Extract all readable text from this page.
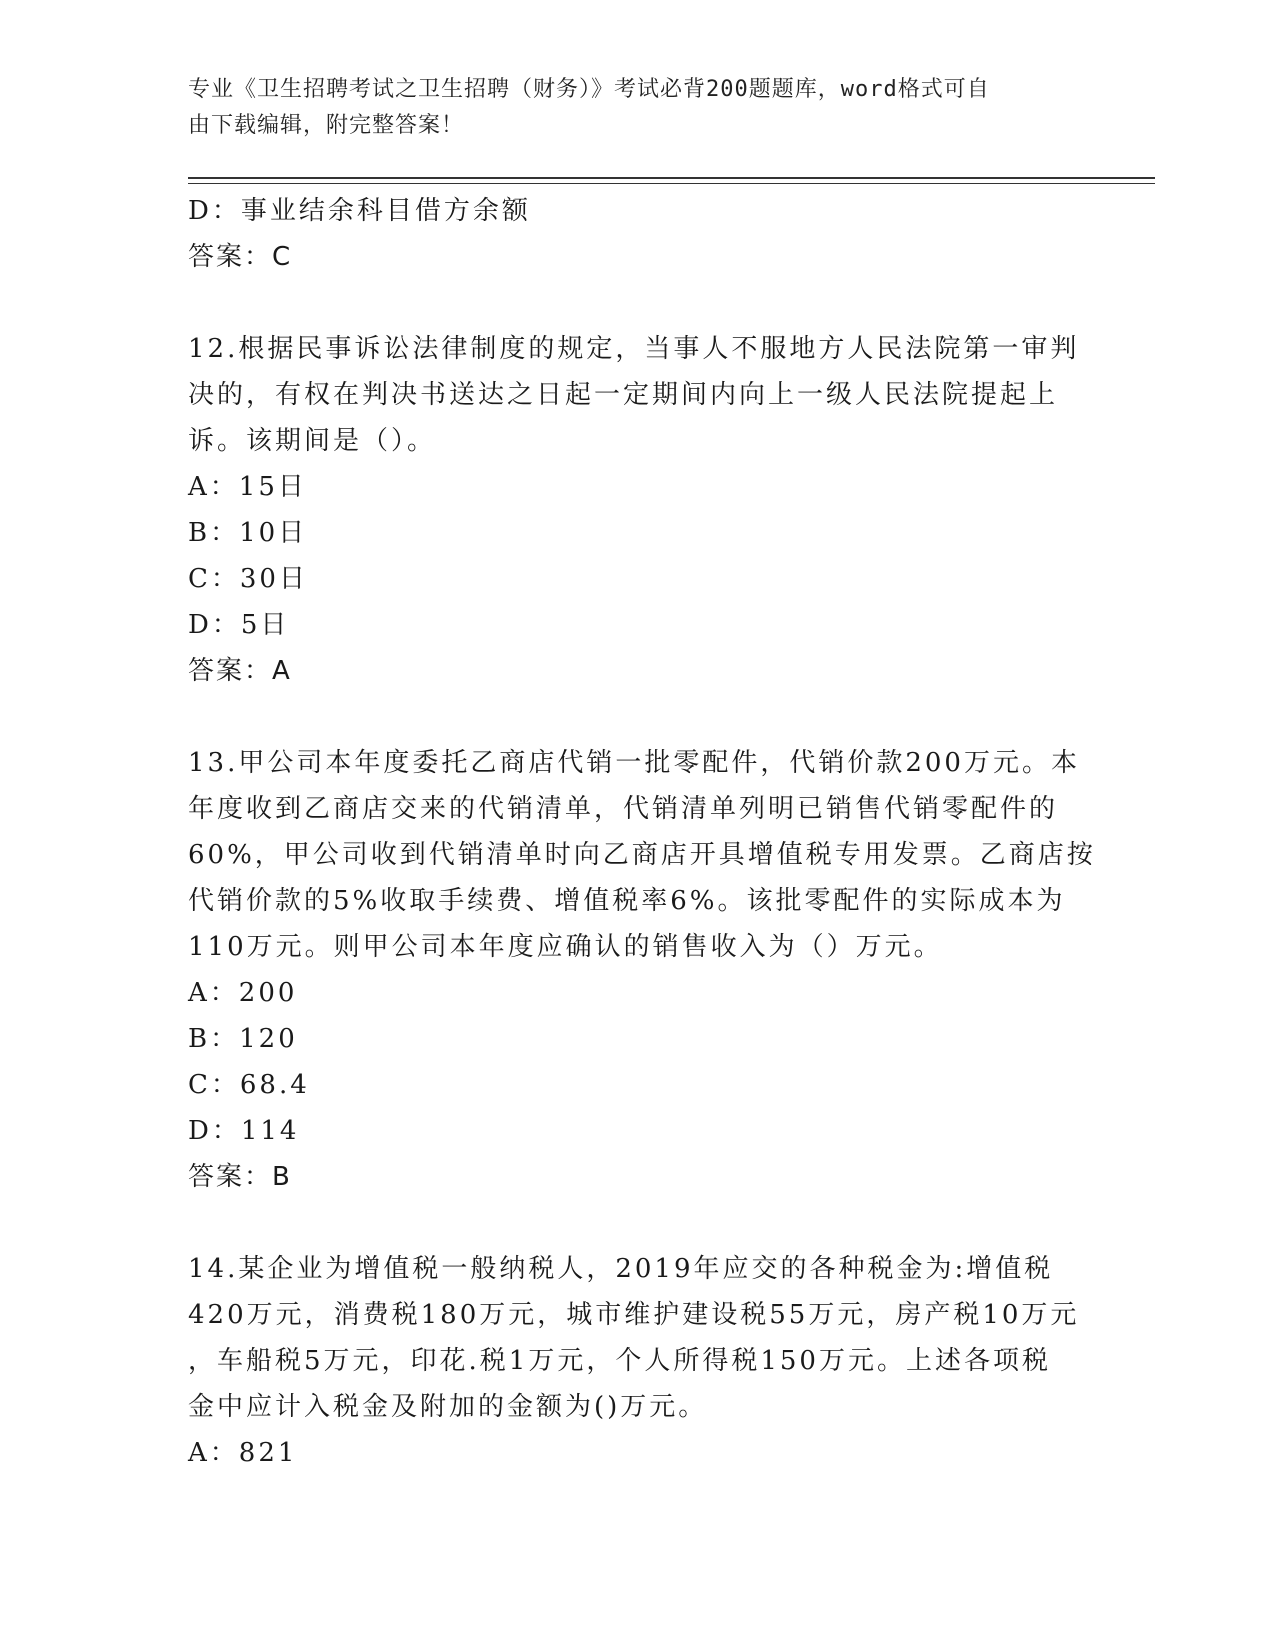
专业《卫生招聘考试之卫生招聘（财务）》考试必背200题题库，word格式可自
由下载编辑，附完整答案！
D：事业结余科目借方余额
答案：C
12.根据民事诉讼法律制度的规定，当事人不服地方人民法院第一审判
决的，有权在判决书送达之日起一定期间内向上一级人民法院提起上
诉。该期间是（）。
A：15日
B：10日
C：30日
D：5日
答案：A
13.甲公司本年度委托乙商店代销一批零配件，代销价款200万元。本
年度收到乙商店交来的代销清单，代销清单列明已销售代销零配件的
60%，甲公司收到代销清单时向乙商店开具增值税专用发票。乙商店按
代销价款的5%收取手续费、增值税率6%。该批零配件的实际成本为
110万元。则甲公司本年度应确认的销售收入为（）万元。
A：200
B：120
C：68.4
D：114
答案：B
14.某企业为增值税一般纳税人，2019年应交的各种税金为:增值税
420万元，消费税180万元，城市维护建设税55万元，房产税10万元
，车船税5万元，印花.税1万元，个人所得税150万元。上述各项税
金中应计入税金及附加的金额为()万元。
A：821
